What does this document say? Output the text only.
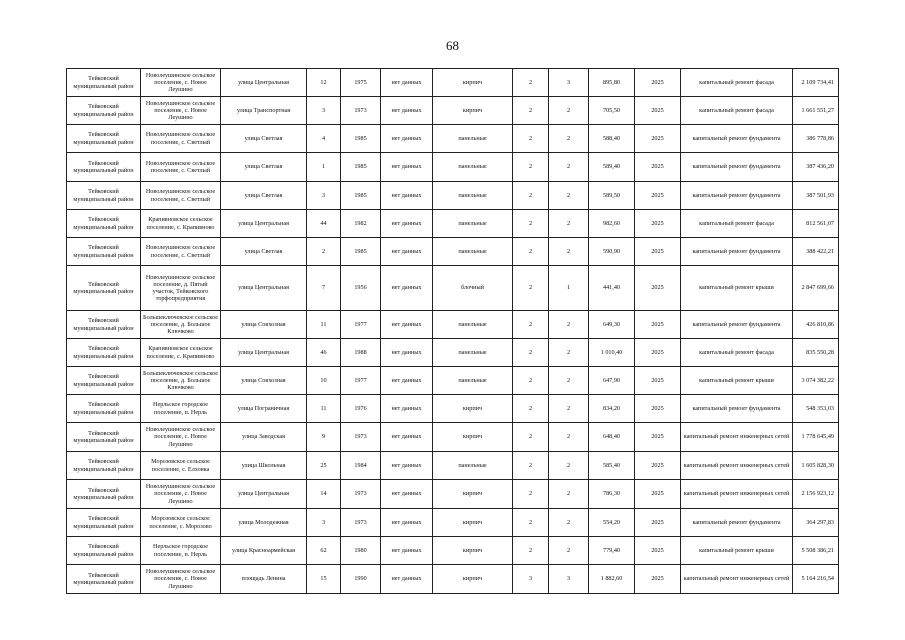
68
Тейковский муниципальный район	Новолеушинское сельское поселение, с. Новое Леушино	улица Центральная	12	1975	нет данных	кирпич	2	3	895,80	2025	капитальный ремонт фасада	2 109 734,41
Тейковский муниципальный район	Новолеушинское сельское поселение, с. Новое Леушино	улица Транспортная	3	1973	нет данных	кирпич	2	2	705,50	2025	капитальный ремонт фасада	1 661 551,27
Тейковский муниципальный район	Новолеушинское сельское поселение, с. Светлый	улица Светлая	4	1985	нет данных	панельные	2	2	588,40	2025	капитальный ремонт фундамента	386 778,86
Тейковский муниципальный район	Новолеушинское сельское поселение, с. Светлый	улица Светлая	1	1985	нет данных	панельные	2	2	589,40	2025	капитальный ремонт фундамента	387 436,20
Тейковский муниципальный район	Новолеушинское сельское поселение, с. Светлый	улица Светлая	3	1985	нет данных	панельные	2	2	589,50	2025	капитальный ремонт фундамента	387 501,93
Тейковский муниципальный район	Крапивновское сельское поселение, с. Крапивново	улица Центральная	44	1982	нет данных	панельные	2	2	982,60	2025	капитальный ремонт фасада	812 561,07
Тейковский муниципальный район	Новолеушинское сельское поселение, с. Светлый	улица Светлая	2	1985	нет данных	панельные	2	2	590,90	2025	капитальный ремонт фундамента	388 422,21
Тейковский муниципальный район	Новолеушинское сельское поселение, д. Пятый участок, Тейковского торфопредприятия	улица Центральная	7	1956	нет данных	блочный	2	1	441,40	2025	капитальный ремонт крыши	2 847 699,66
Тейковский муниципальный район	Большеключевское сельское поселение, д. Большое Ключково	улица Совхозная	11	1977	нет данных	панельные	2	2	649,30	2025	капитальный ремонт фундамента	426 810,86
Тейковский муниципальный район	Крапивновское сельское поселение, с. Крапивново	улица Центральная	46	1988	нет данных	панельные	2	2	1 010,40	2025	капитальный ремонт фасада	835 550,28
Тейковский муниципальный район	Большеключевское сельское поселение, д. Большое Ключково	улица Совхозная	10	1977	нет данных	панельные	2	2	647,90	2025	капитальный ремонт крыши	3 074 382,22
Тейковский муниципальный район	Нерльское городское поселение, п. Нерль	улица Пограничная	11	1976	нет данных	кирпич	2	2	834,20	2025	капитальный ремонт фундамента	548 353,03
Тейковский муниципальный район	Новолеушинское сельское поселение, с. Новое Леушино	улица Заводская	9	1973	нет данных	кирпич	2	2	648,40	2025	капитальный ремонт инженерных сетей	1 778 645,49
Тейковский муниципальный район	Морозовское сельское поселение, с. Елховка	улица Школьная	25	1984	нет данных	панельные	2	2	585,40	2025	капитальный ремонт инженерных сетей	1 605 828,30
Тейковский муниципальный район	Новолеушинское сельское поселение, с. Новое Леушино	улица Центральная	14	1973	нет данных	кирпич	2	2	786,30	2025	капитальный ремонт инженерных сетей	2 156 923,12
Тейковский муниципальный район	Морозовское сельское поселение, с. Морозово	улица Молодежная	3	1973	нет данных	кирпич	2	2	554,20	2025	капитальный ремонт фундамента	364 297,83
Тейковский муниципальный район	Нерльское городское поселение, п. Нерль	улица Красноармейская	62	1980	нет данных	кирпич	2	2	779,40	2025	капитальный ремонт крыши	5 508 386,21
Тейковский муниципальный район	Новолеушинское сельское поселение, с. Новое Леушино	площадь Ленина	15	1990	нет данных	кирпич	3	3	1 882,60	2025	капитальный ремонт инженерных сетей	5 164 216,54
